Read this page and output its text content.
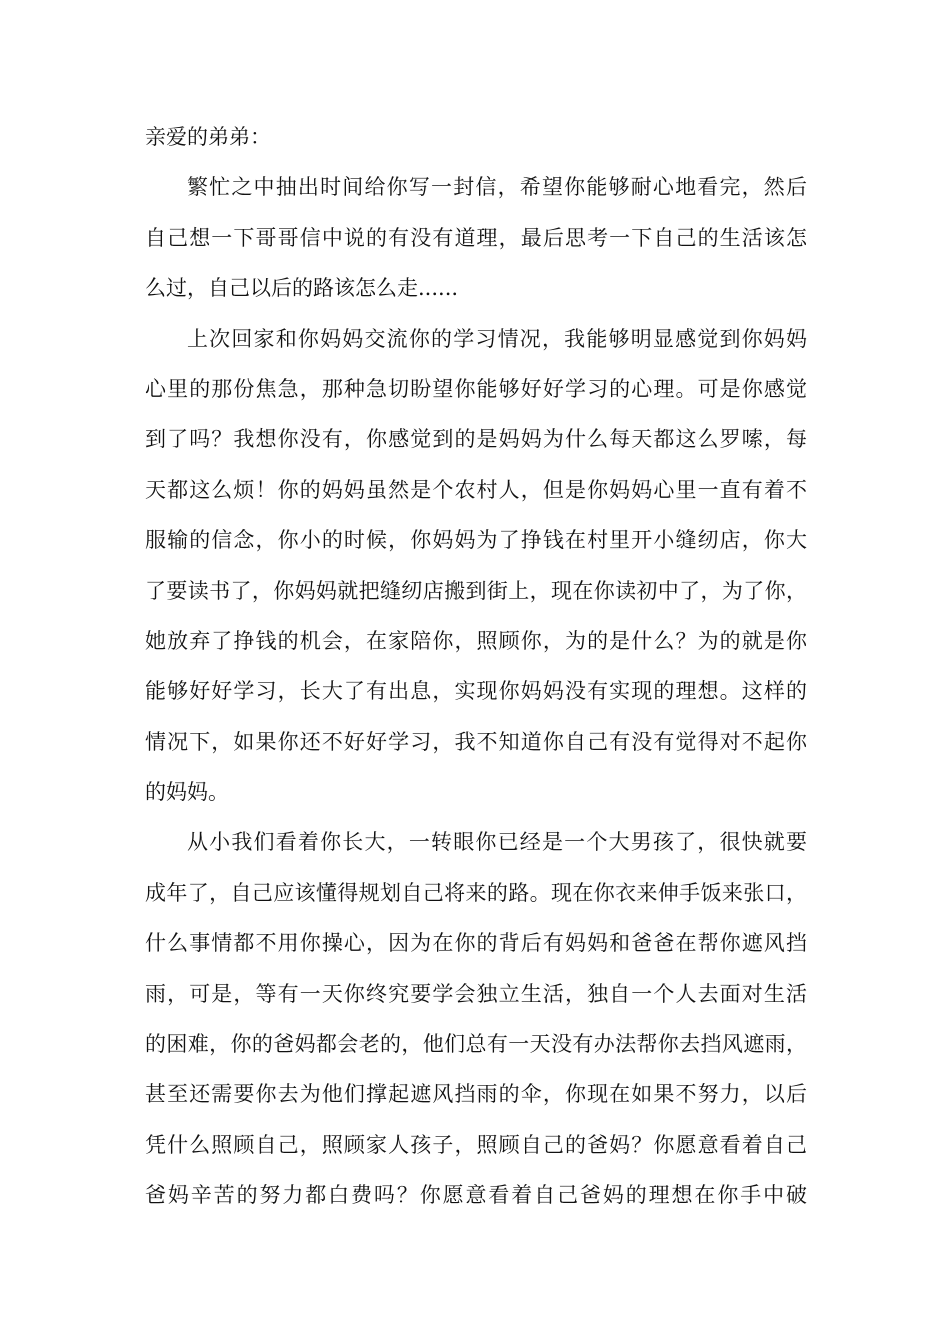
亲爱的弟弟：
繁忙之中抽出时间给你写一封信，希望你能够耐心地看完，然后
自己想一下哥哥信中说的有没有道理，最后思考一下自己的生活该怎
么过，自己以后的路该怎么走......
上次回家和你妈妈交流你的学习情况，我能够明显感觉到你妈妈
心里的那份焦急，那种急切盼望你能够好好学习的心理。可是你感觉
到了吗？我想你没有，你感觉到的是妈妈为什么每天都这么罗嗦，每
天都这么烦！你的妈妈虽然是个农村人，但是你妈妈心里一直有着不
服输的信念，你小的时候，你妈妈为了挣钱在村里开小缝纫店，你大
了要读书了，你妈妈就把缝纫店搬到街上，现在你读初中了，为了你，
她放弃了挣钱的机会，在家陪你，照顾你，为的是什么？为的就是你
能够好好学习，长大了有出息，实现你妈妈没有实现的理想。这样的
情况下，如果你还不好好学习，我不知道你自己有没有觉得对不起你
的妈妈。
从小我们看着你长大，一转眼你已经是一个大男孩了，很快就要
成年了，自己应该懂得规划自己将来的路。现在你衣来伸手饭来张口，
什么事情都不用你操心，因为在你的背后有妈妈和爸爸在帮你遮风挡
雨，可是，等有一天你终究要学会独立生活，独自一个人去面对生活
的困难，你的爸妈都会老的，他们总有一天没有办法帮你去挡风遮雨，
甚至还需要你去为他们撑起遮风挡雨的伞，你现在如果不努力，以后
凭什么照顾自己，照顾家人孩子，照顾自己的爸妈？你愿意看着自己
爸妈辛苦的努力都白费吗？你愿意看着自己爸妈的理想在你手中破
